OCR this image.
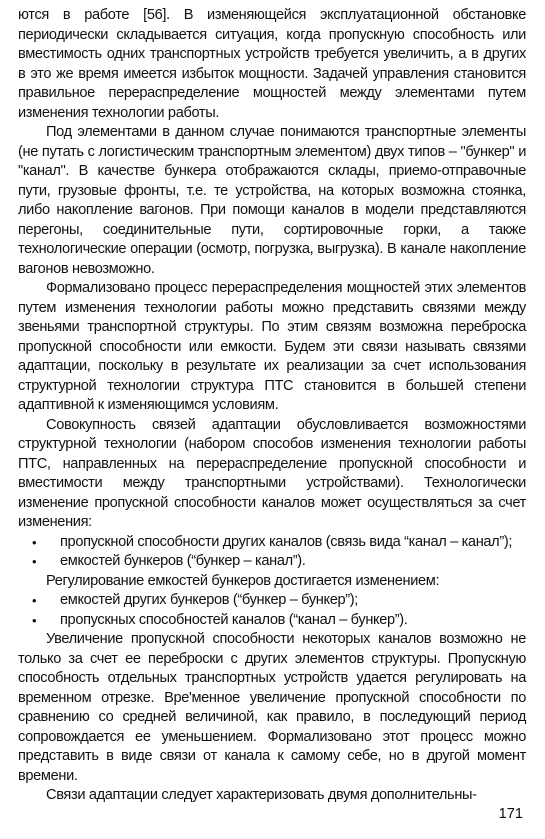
ются в работе [56]. В изменяющейся эксплуатационной обстановке периодически складывается ситуация, когда пропускную способность или вместимость одних транспортных устройств требуется увеличить, а в других в это же время имеется избыток мощности. Задачей управления становится правильное перераспределение мощностей между элементами путем изменения технологии работы.

Под элементами в данном случае понимаются транспортные элементы (не путать с логистическим транспортным элементом) двух типов – "бункер" и "канал". В качестве бункера отображаются склады, приемо-отправочные пути, грузовые фронты, т.е. те устройства, на которых возможна стоянка, либо накопление вагонов. При помощи каналов в модели представляются перегоны, соединительные пути, сортировочные горки, а также технологические операции (осмотр, погрузка, выгрузка). В канале накопление вагонов невозможно.

Формализовано процесс перераспределения мощностей этих элементов путем изменения технологии работы можно представить связями между звеньями транспортной структуры. По этим связям возможна переброска пропускной способности или емкости. Будем эти связи называть связями адаптации, поскольку в результате их реализации за счет использования структурной технологии структура ПТС становится в большей степени адаптивной к изменяющимся условиям.

Совокупность связей адаптации обусловливается возможностями структурной технологии (набором способов изменения технологии работы ПТС, направленных на перераспределение пропускной способности и вместимости между транспортными устройствами). Технологически изменение пропускной способности каналов может осуществляться за счет изменения:

• пропускной способности других каналов (связь вида “канал – канал”);
• емкостей бункеров (“бункер – канал”).

Регулирование емкостей бункеров достигается изменением:

• емкостей других бункеров (“бункер – бункер”);
• пропускных способностей каналов (“канал – бункер”).

Увеличение пропускной способности некоторых каналов возможно не только за счет ее переброски с других элементов структуры. Пропускную способность отдельных транспортных устройств удается регулировать на временном отрезке. Вре'менное увеличение пропускной способности по сравнению со средней величиной, как правило, в последующий период сопровождается ее уменьшением. Формализовано этот процесс можно представить в виде связи от канала к самому себе, но в другой момент времени.

Связи адаптации следует характеризовать двумя дополнительны-

171
